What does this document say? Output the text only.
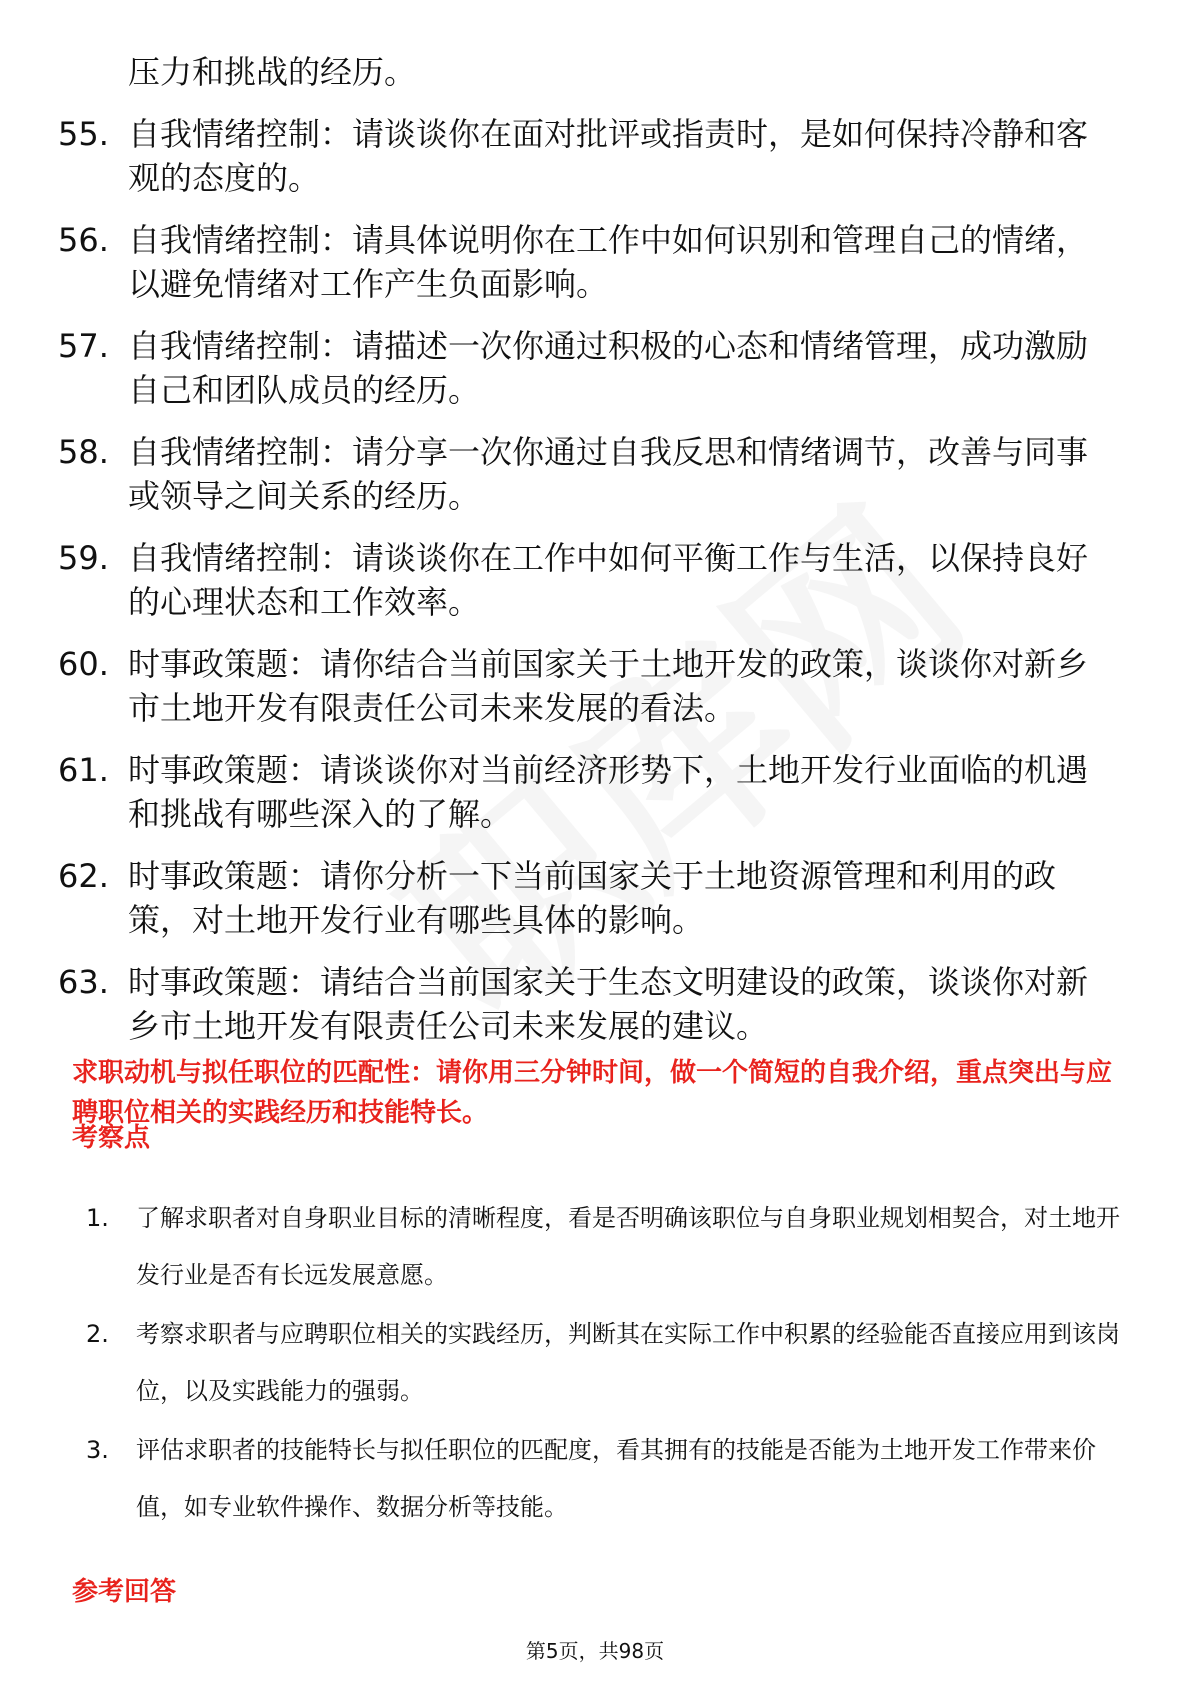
压力和挑战的经历。
55. 自我情绪控制：请谈谈你在面对批评或指责时，是如何保持冷静和客观的态度的。
56. 自我情绪控制：请具体说明你在工作中如何识别和管理自己的情绪，以避免情绪对工作产生负面影响。
57. 自我情绪控制：请描述一次你通过积极的心态和情绪管理，成功激励自己和团队成员的经历。
58. 自我情绪控制：请分享一次你通过自我反思和情绪调节，改善与同事或领导之间关系的经历。
59. 自我情绪控制：请谈谈你在工作中如何平衡工作与生活，以保持良好的心理状态和工作效率。
60. 时事政策题：请你结合当前国家关于土地开发的政策，谈谈你对新乡市土地开发有限责任公司未来发展的看法。
61. 时事政策题：请谈谈你对当前经济形势下，土地开发行业面临的机遇和挑战有哪些深入的了解。
62. 时事政策题：请你分析一下当前国家关于土地资源管理和利用的政策，对土地开发行业有哪些具体的影响。
63. 时事政策题：请结合当前国家关于生态文明建设的政策，谈谈你对新乡市土地开发有限责任公司未来发展的建议。
求职动机与拟任职位的匹配性：请你用三分钟时间，做一个简短的自我介绍，重点突出与应聘职位相关的实践经历和技能特长。
考察点
1.	了解求职者对自身职业目标的清晰程度，看是否明确该职位与自身职业规划相契合，对土地开发行业是否有长远发展意愿。
2.	考察求职者与应聘职位相关的实践经历，判断其在实际工作中积累的经验能否直接应用到该岗位，以及实践能力的强弱。
3.	评估求职者的技能特长与拟任职位的匹配度，看其拥有的技能是否能为土地开发工作带来价值，如专业软件操作、数据分析等技能。
参考回答
第5页，共98页
